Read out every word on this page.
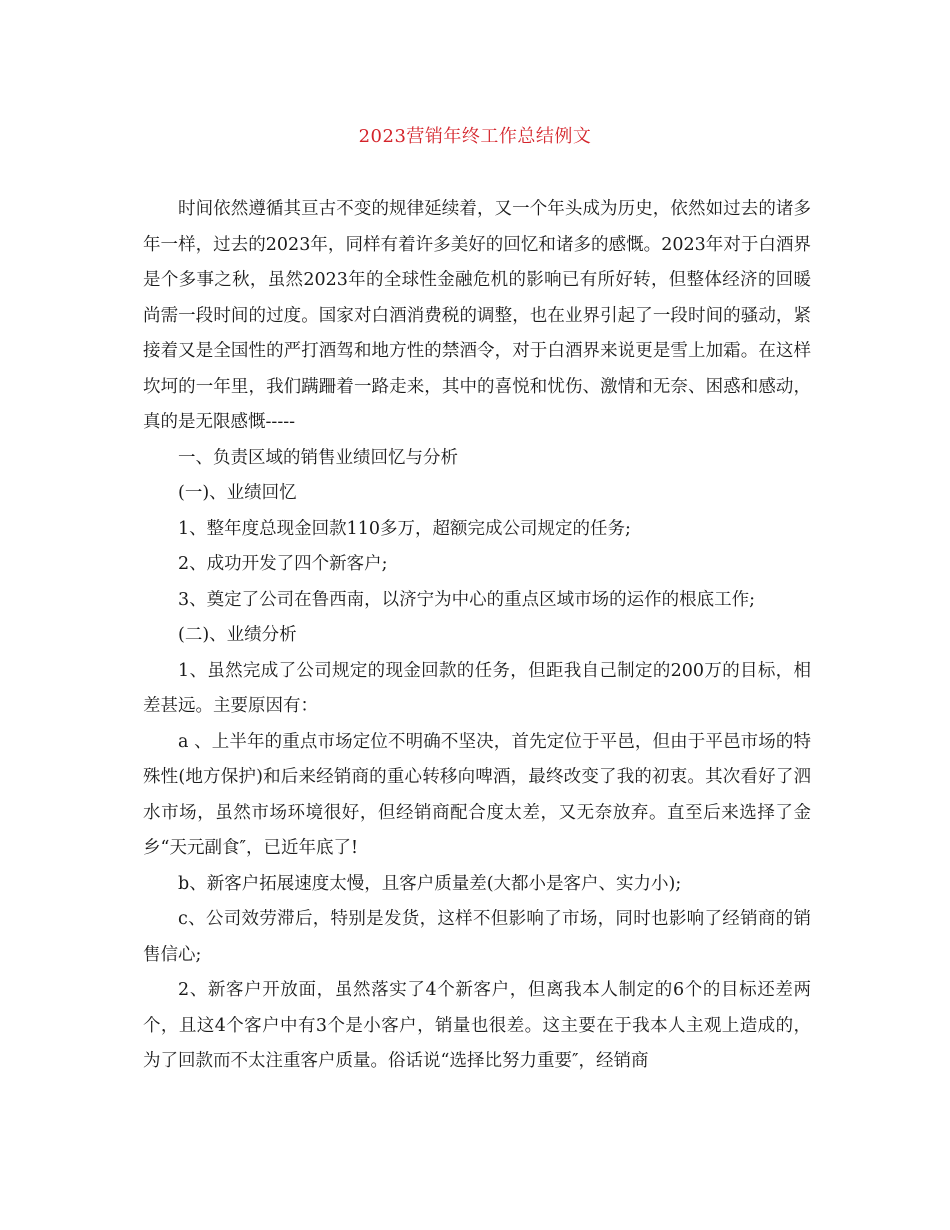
2023营销年终工作总结例文

时间依然遵循其亘古不变的规律延续着，又一个年头成为历史，依然如过去的诸多年一样，过去的2023年，同样有着许多美好的回忆和诸多的感慨。2023年对于白酒界是个多事之秋，虽然2023年的全球性金融危机的影响已有所好转，但整体经济的回暖尚需一段时间的过度。国家对白酒消费税的调整，也在业界引起了一段时间的骚动，紧接着又是全国性的严打酒驾和地方性的禁酒令，对于白酒界来说更是雪上加霜。在这样坎坷的一年里，我们蹒跚着一路走来，其中的喜悦和忧伤、激情和无奈、困惑和感动，真的是无限感慨-----

一、负责区域的销售业绩回忆与分析

(一)、业绩回忆

1、整年度总现金回款110多万，超额完成公司规定的任务;

2、成功开发了四个新客户;

3、奠定了公司在鲁西南，以济宁为中心的重点区域市场的运作的根底工作;

(二)、业绩分析

1、虽然完成了公司规定的现金回款的任务，但距我自己制定的200万的目标，相差甚远。主要原因有：

a 、上半年的重点市场定位不明确不坚决，首先定位于平邑，但由于平邑市场的特殊性(地方保护)和后来经销商的重心转移向啤酒，最终改变了我的初衷。其次看好了泗水市场，虽然市场环境很好，但经销商配合度太差，又无奈放弃。直至后来选择了金乡“天元副食″，已近年底了!

b、新客户拓展速度太慢，且客户质量差(大都小是客户、实力小);

c、公司效劳滞后，特别是发货，这样不但影响了市场，同时也影响了经销商的销售信心;

2、新客户开放面，虽然落实了4个新客户，但离我本人制定的6个的目标还差两个，且这4个客户中有3个是小客户，销量也很差。这主要在于我本人主观上造成的，为了回款而不太注重客户质量。俗话说“选择比努力重要″，经销商
